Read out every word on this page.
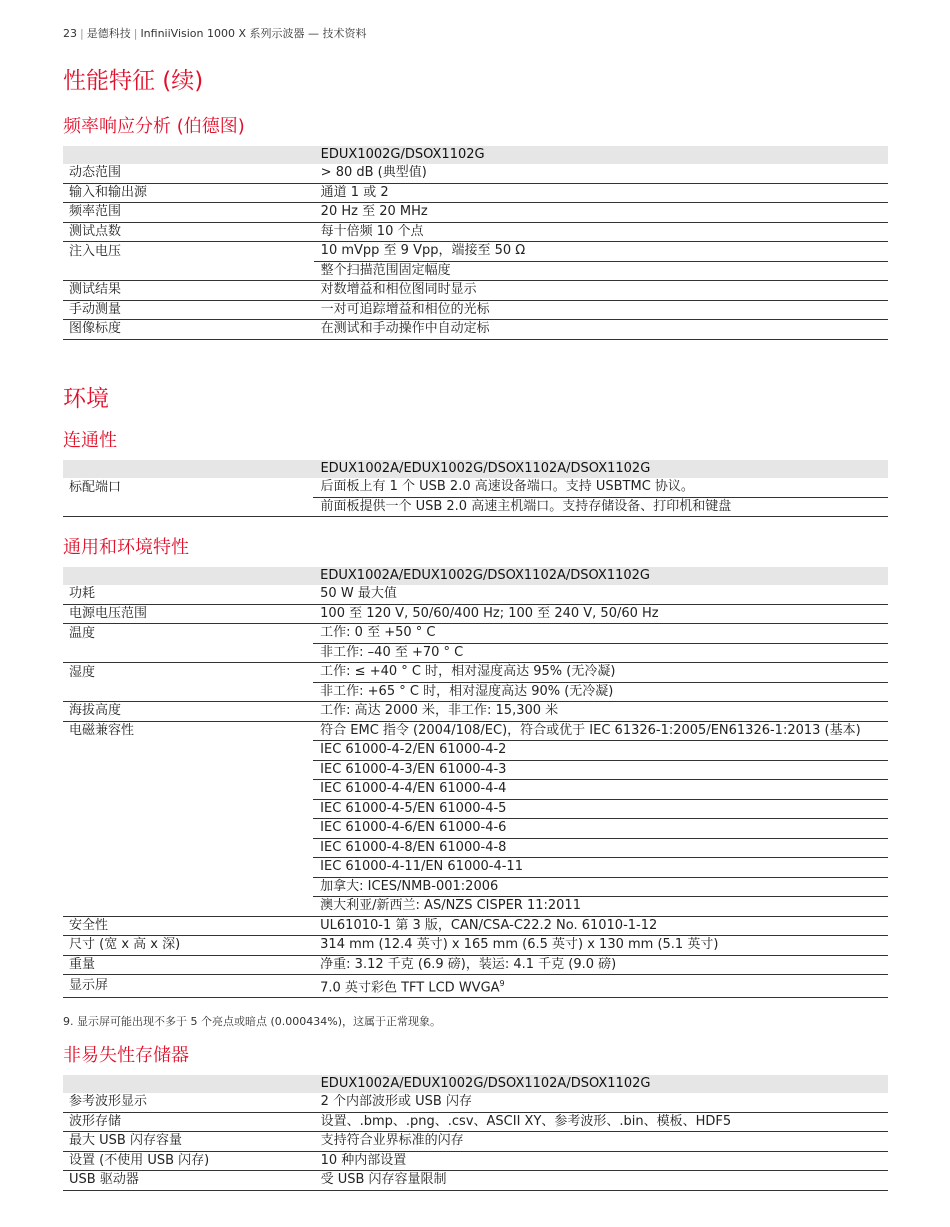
23 | 是德科技 | InfiniiVision 1000 X 系列示波器 — 技术资料
性能特征 (续)
频率响应分析 (伯德图)
	EDUX1002G/DSOX1102G
动态范围	> 80 dB (典型值)
输入和输出源	通道 1 或 2
频率范围	20 Hz 至 20 MHz
测试点数	每十倍频 10 个点
注入电压	10 mVpp 至 9 Vpp，端接至 50 Ω
	整个扫描范围固定幅度
测试结果	对数增益和相位图同时显示
手动测量	一对可追踪增益和相位的光标
图像标度	在测试和手动操作中自动定标
环境
连通性
	EDUX1002A/EDUX1002G/DSOX1102A/DSOX1102G
标配端口	后面板上有 1 个 USB 2.0 高速设备端口。支持 USBTMC 协议。
	前面板提供一个 USB 2.0 高速主机端口。支持存储设备、打印机和键盘
通用和环境特性
	EDUX1002A/EDUX1002G/DSOX1102A/DSOX1102G
功耗	50 W 最大值
电源电压范围	100 至 120 V, 50/60/400 Hz; 100 至 240 V, 50/60 Hz
温度	工作: 0 至 +50 ° C
	非工作: –40 至 +70 ° C
湿度	工作: ≤ +40 ° C 时，相对湿度高达 95% (无冷凝)
	非工作: +65 ° C 时，相对湿度高达 90% (无冷凝)
海拔高度	工作: 高达 2000 米，非工作: 15,300 米
电磁兼容性	符合 EMC 指令 (2004/108/EC)，符合或优于 IEC 61326-1:2005/EN61326-1:2013 (基本)
	IEC 61000-4-2/EN 61000-4-2
	IEC 61000-4-3/EN 61000-4-3
	IEC 61000-4-4/EN 61000-4-4
	IEC 61000-4-5/EN 61000-4-5
	IEC 61000-4-6/EN 61000-4-6
	IEC 61000-4-8/EN 61000-4-8
	IEC 61000-4-11/EN 61000-4-11
	加拿大: ICES/NMB-001:2006
	澳大利亚/新西兰: AS/NZS CISPER 11:2011
安全性	UL61010-1 第 3 版，CAN/CSA-C22.2 No. 61010-1-12
尺寸 (宽 x 高 x 深)	314 mm (12.4 英寸) x 165 mm (6.5 英寸) x 130 mm (5.1 英寸)
重量	净重: 3.12 千克 (6.9 磅)，装运: 4.1 千克 (9.0 磅)
显示屏	7.0 英寸彩色 TFT LCD WVGA$^9$
9. 显示屏可能出现不多于 5 个亮点或暗点 (0.000434%)，这属于正常现象。
非易失性存储器
	EDUX1002A/EDUX1002G/DSOX1102A/DSOX1102G
参考波形显示	2 个内部波形或 USB 闪存
波形存储	设置、.bmp、.png、.csv、ASCII XY、参考波形、.bin、模板、HDF5
最大 USB 闪存容量	支持符合业界标准的闪存
设置 (不使用 USB 闪存)	10 种内部设置
USB 驱动器	受 USB 闪存容量限制
